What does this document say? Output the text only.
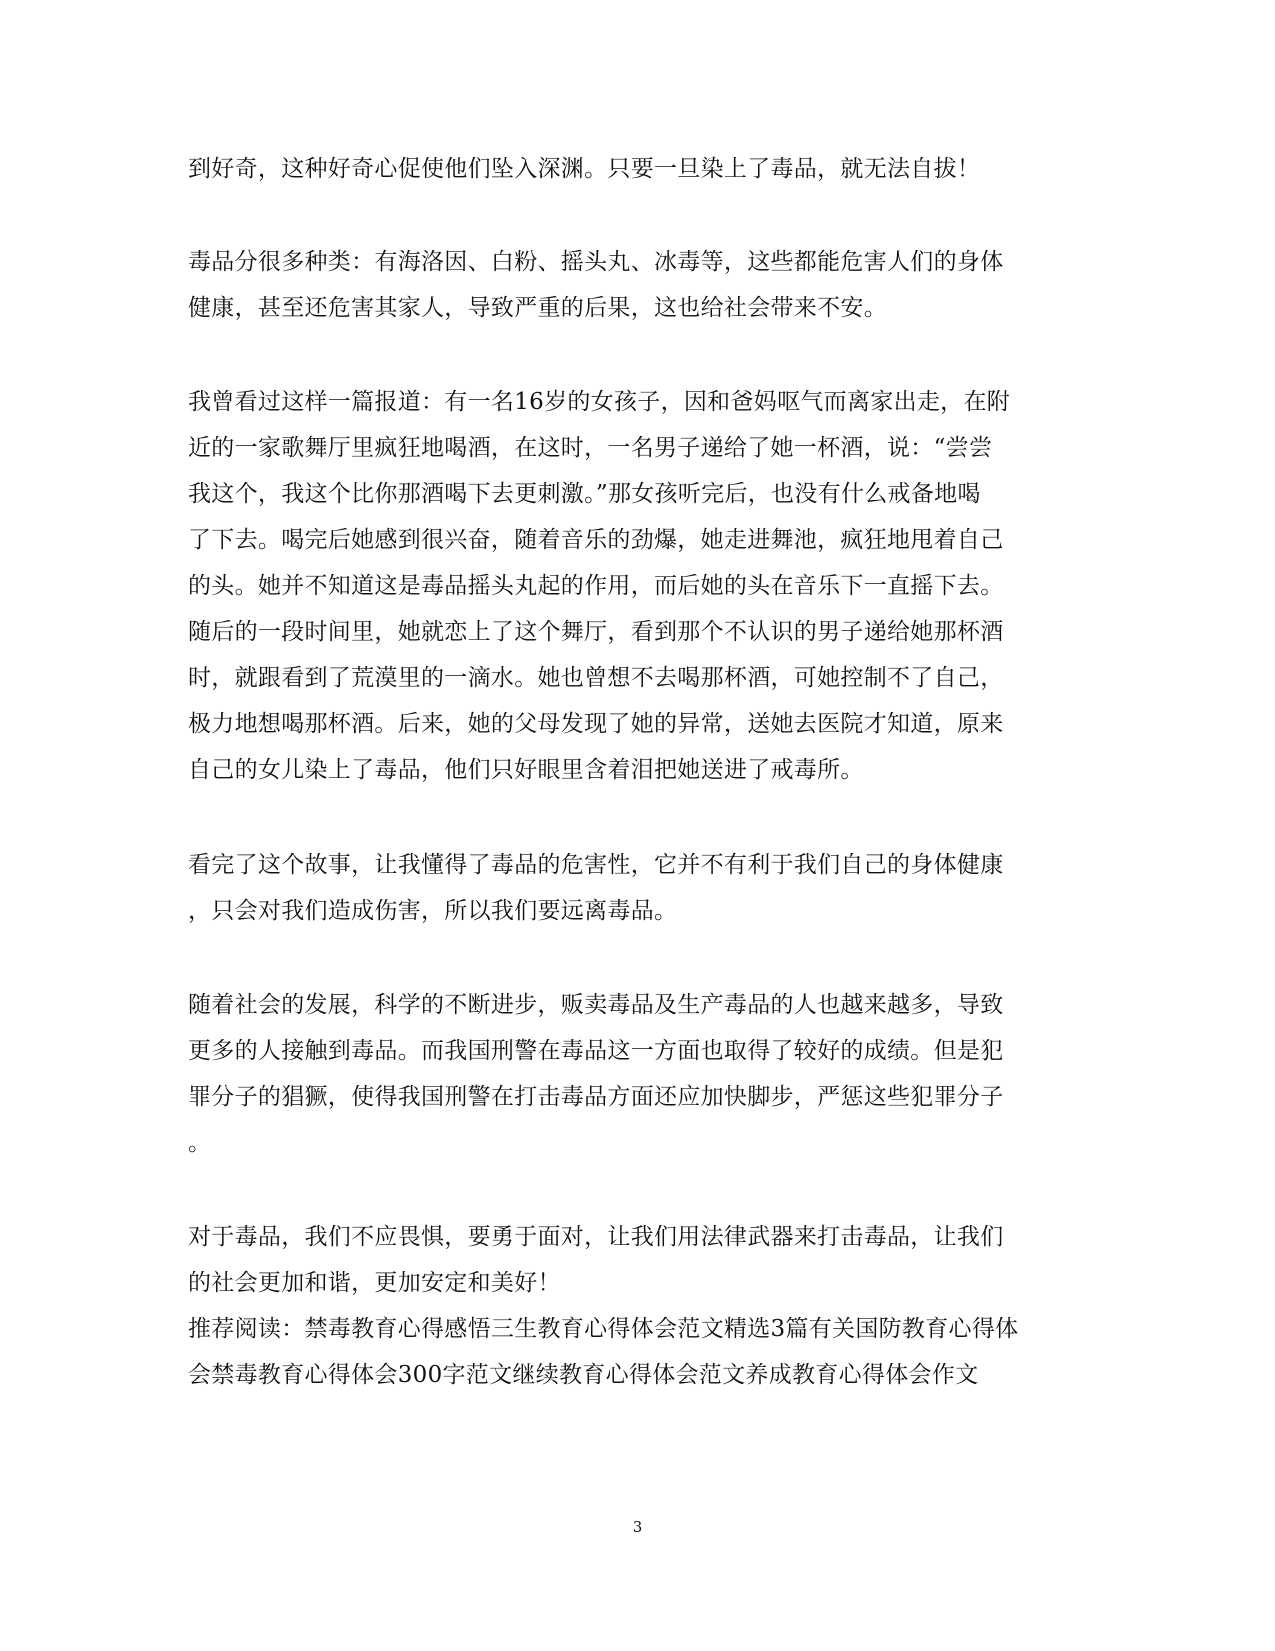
到好奇，这种好奇心促使他们坠入深渊。只要一旦染上了毒品，就无法自拔！
毒品分很多种类：有海洛因、白粉、摇头丸、冰毒等，这些都能危害人们的身体
健康，甚至还危害其家人，导致严重的后果，这也给社会带来不安。
我曾看过这样一篇报道：有一名16岁的女孩子，因和爸妈呕气而离家出走，在附
近的一家歌舞厅里疯狂地喝酒，在这时，一名男子递给了她一杯酒，说：“尝尝
我这个，我这个比你那酒喝下去更刺激。”那女孩听完后，也没有什么戒备地喝
了下去。喝完后她感到很兴奋，随着音乐的劲爆，她走进舞池，疯狂地甩着自己
的头。她并不知道这是毒品摇头丸起的作用，而后她的头在音乐下一直摇下去。
随后的一段时间里，她就恋上了这个舞厅，看到那个不认识的男子递给她那杯酒
时，就跟看到了荒漠里的一滴水。她也曾想不去喝那杯酒，可她控制不了自己，
极力地想喝那杯酒。后来，她的父母发现了她的异常，送她去医院才知道，原来
自己的女儿染上了毒品，他们只好眼里含着泪把她送进了戒毒所。
看完了这个故事，让我懂得了毒品的危害性，它并不有利于我们自己的身体健康
，只会对我们造成伤害，所以我们要远离毒品。
随着社会的发展，科学的不断进步，贩卖毒品及生产毒品的人也越来越多，导致
更多的人接触到毒品。而我国刑警在毒品这一方面也取得了较好的成绩。但是犯
罪分子的猖獗，使得我国刑警在打击毒品方面还应加快脚步，严惩这些犯罪分子
。
对于毒品，我们不应畏惧，要勇于面对，让我们用法律武器来打击毒品，让我们
的社会更加和谐，更加安定和美好！
推荐阅读：禁毒教育心得感悟三生教育心得体会范文精选3篇有关国防教育心得体
会禁毒教育心得体会300字范文继续教育心得体会范文养成教育心得体会作文
3
